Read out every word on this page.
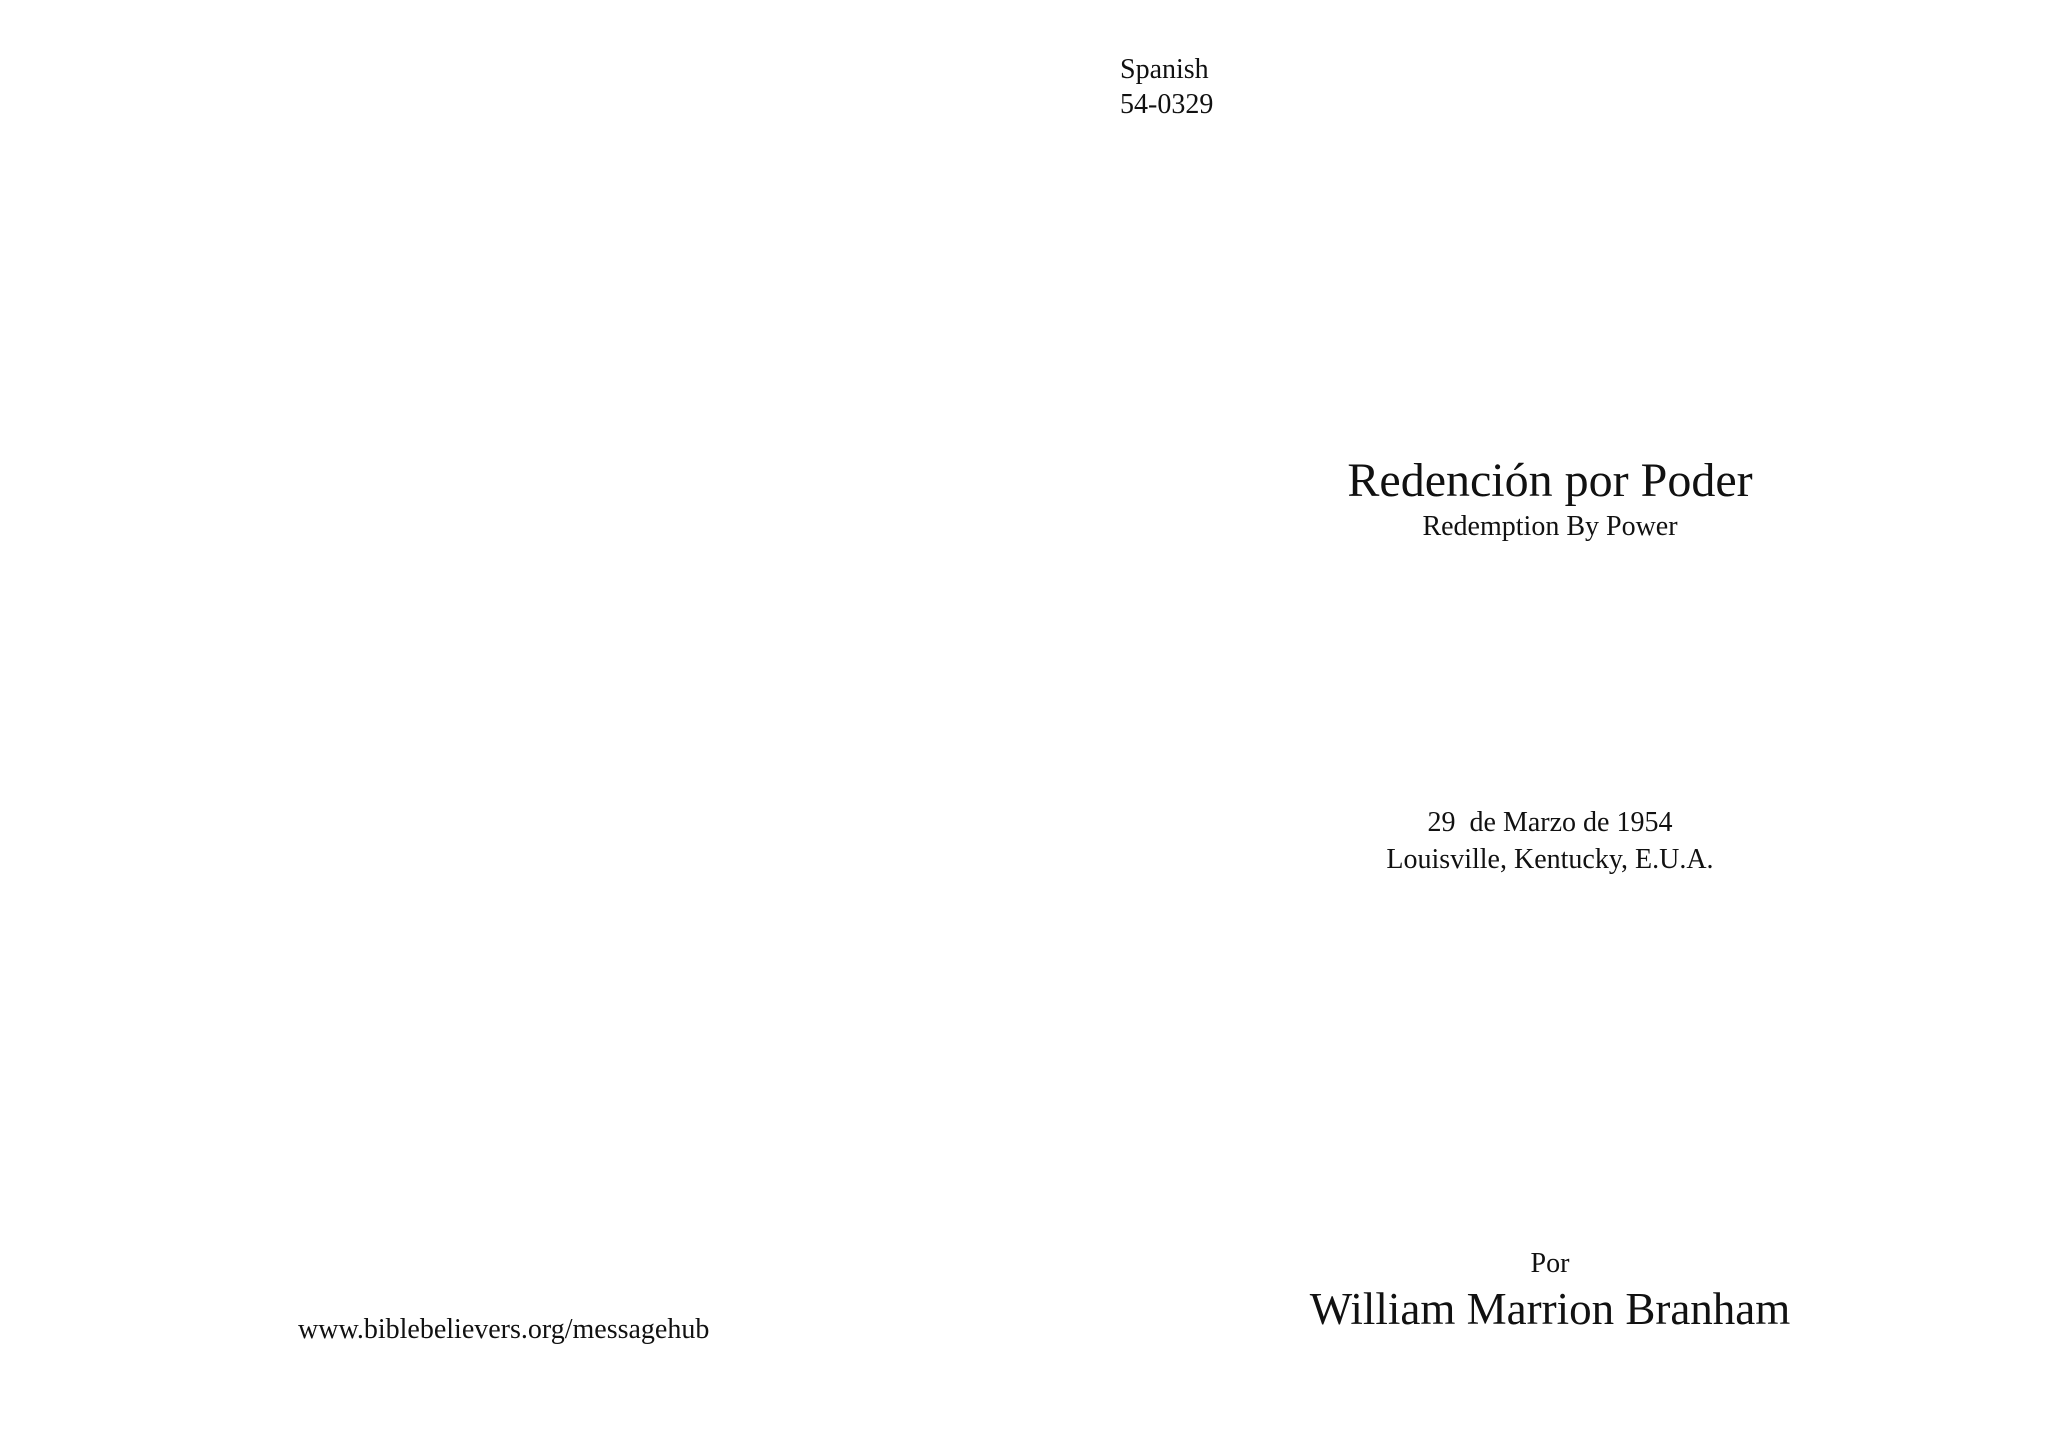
Spanish
54-0329
Redención por Poder
Redemption By Power
29  de Marzo de 1954
Louisville, Kentucky, E.U.A.
Por
William Marrion Branham
www.biblebelievers.org/messagehub
